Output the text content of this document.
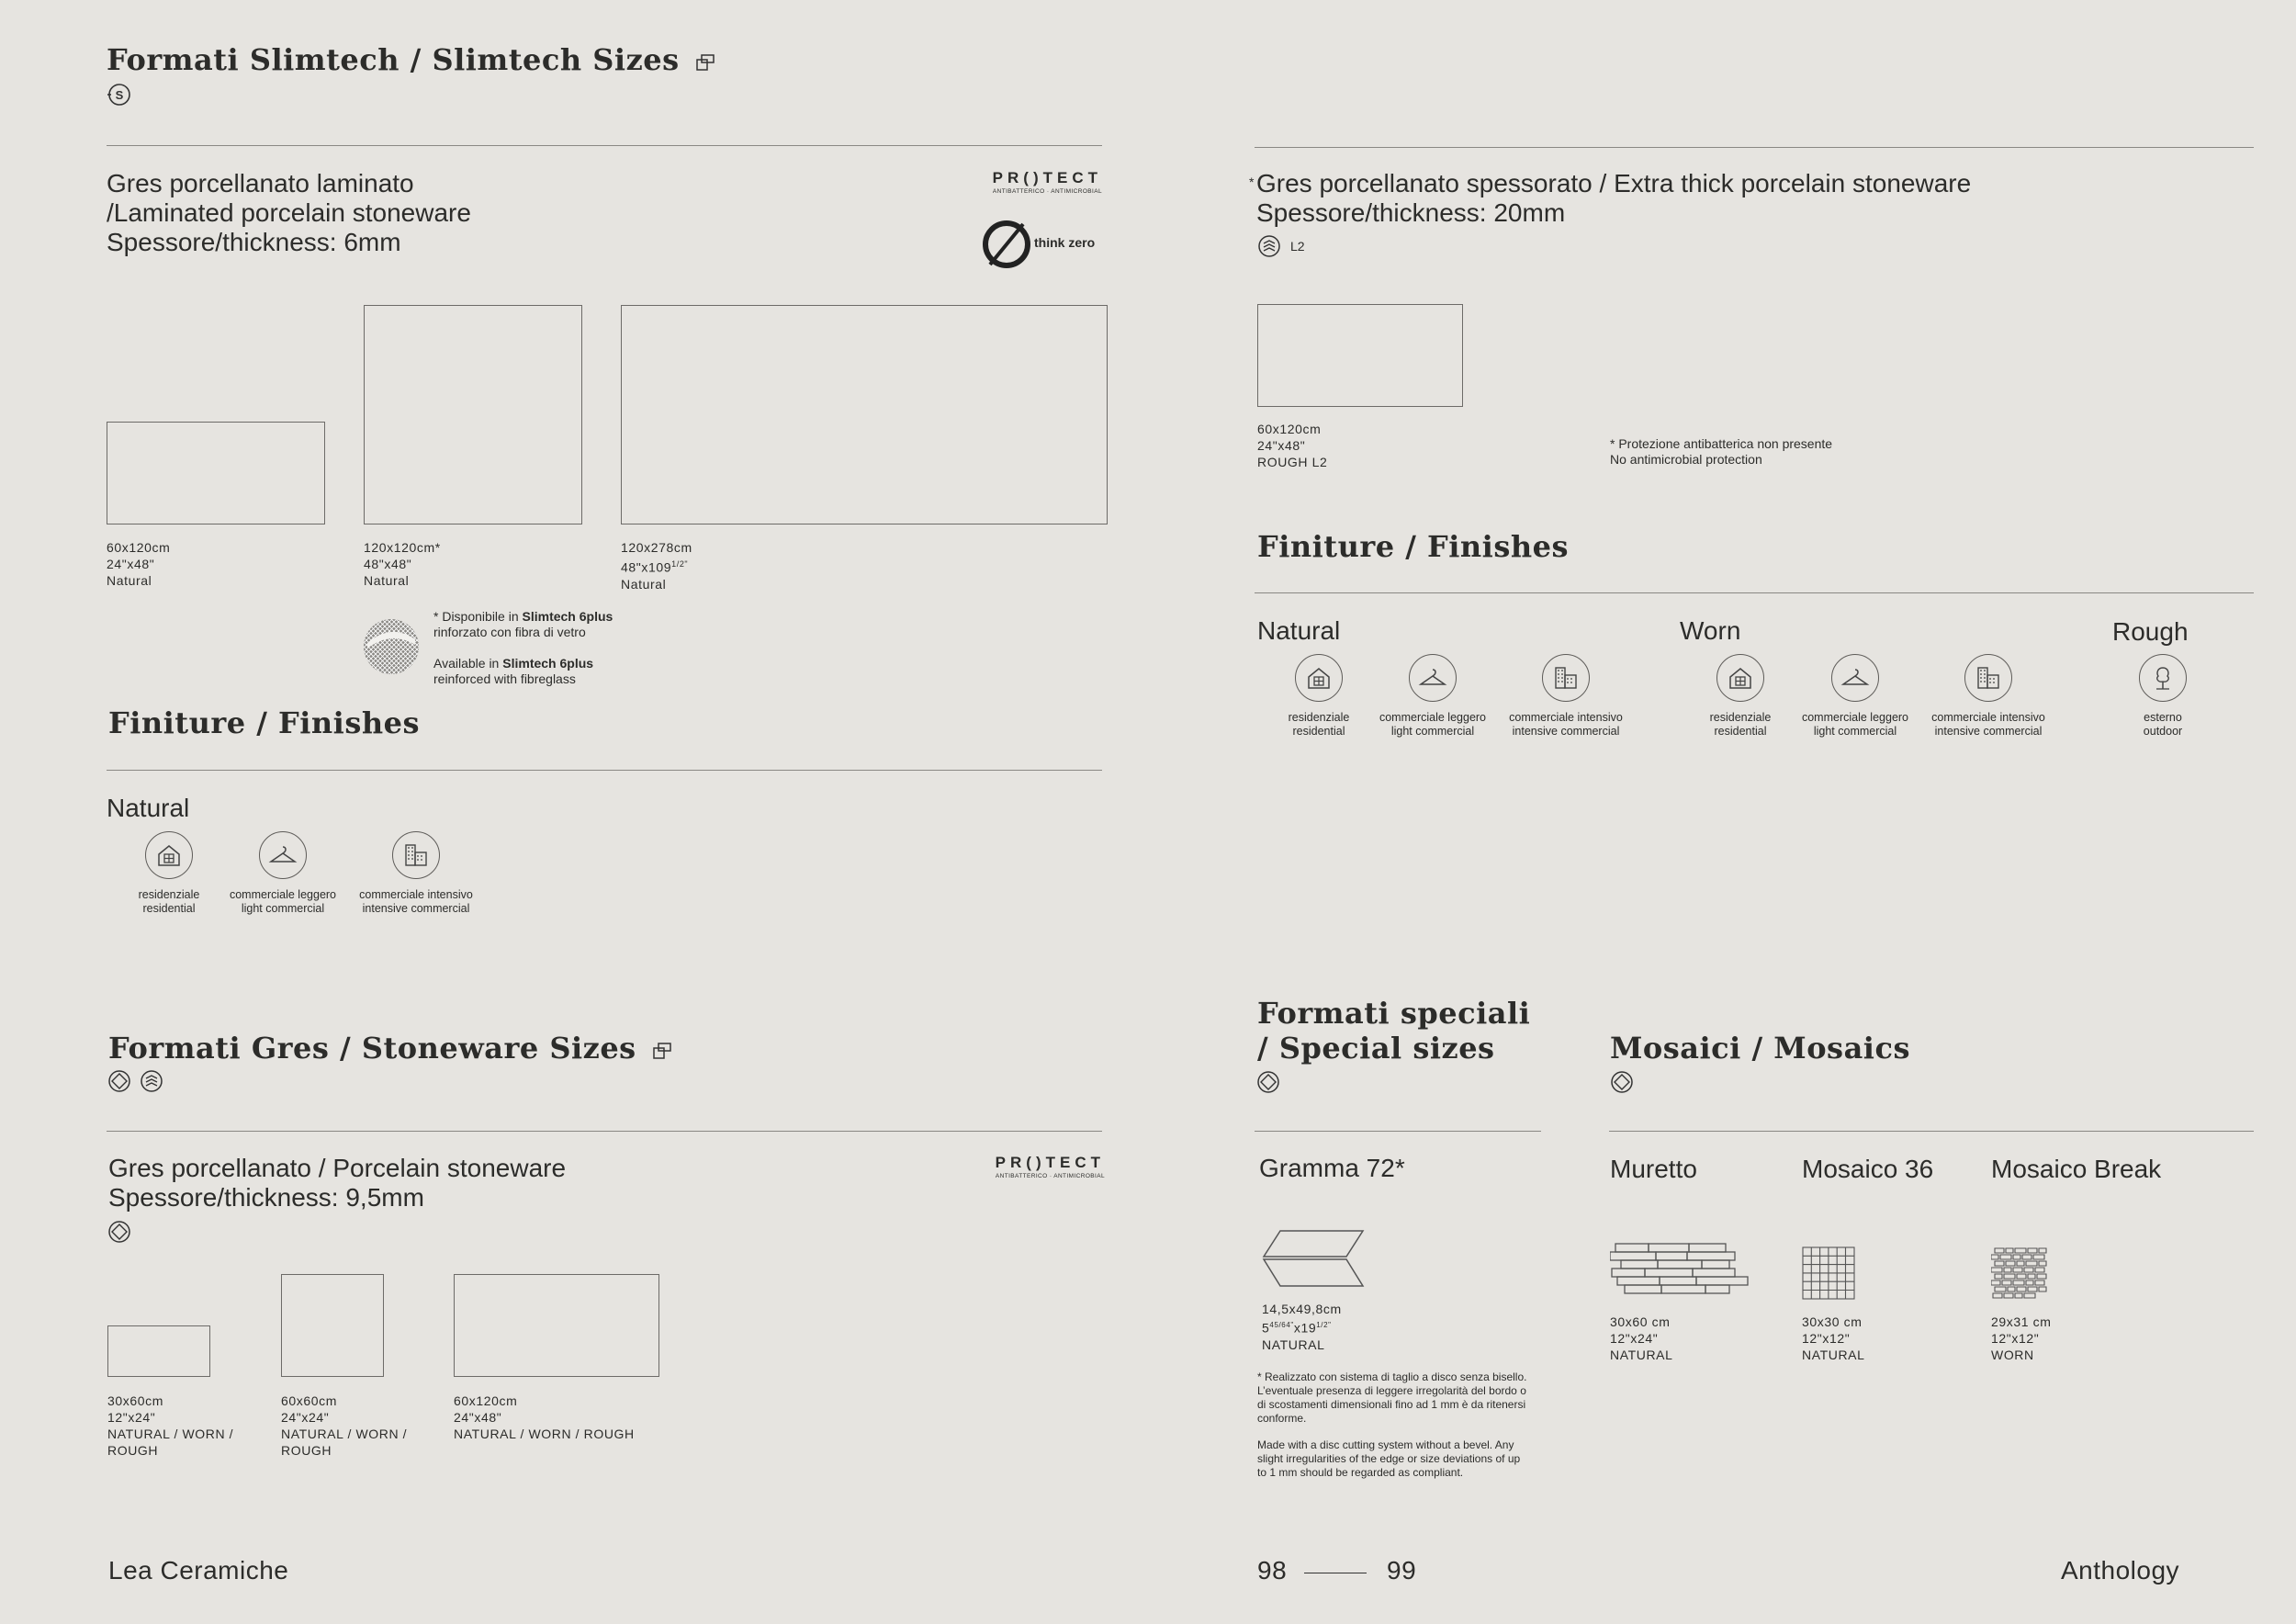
Formati Slimtech / Slimtech Sizes
S
Gres porcellanato laminato
/Laminated porcelain stoneware
Spessore/thickness: 6mm
PR()TECT
ANTIBATTERICO · ANTIMICROBIAL
think zero
60x120cm
24"x48"
Natural
120x120cm*
48"x48"
Natural
120x278cm
$48"x109^{1/2"}$
Natural
* Disponibile in Slimtech 6plus
rinforzato con fibra di vetro
Available in Slimtech 6plus
reinforced with fibreglass
Finiture / Finishes
Natural
residenziale
residential
commerciale leggero
light commercial
commerciale intensivo
intensive commercial
Formati Gres / Stoneware Sizes
Gres porcellanato / Porcelain stoneware
Spessore/thickness: 9,5mm
PR()TECT
ANTIBATTERICO · ANTIMICROBIAL
30x60cm
12"x24"
NATURAL / WORN /
ROUGH
60x60cm
24"x24"
NATURAL / WORN /
ROUGH
60x120cm
24"x48"
NATURAL / WORN / ROUGH
Lea Ceramiche
* Gres porcellanato spessorato / Extra thick porcelain stoneware
Spessore/thickness: 20mm
L2
60x120cm
24"x48"
ROUGH L2
* Protezione antibatterica non presente
No antimicrobial protection
Finiture / Finishes
Natural	Worn	Rough
residenziale
residential
commerciale leggero
light commercial
commerciale intensivo
intensive commercial
residenziale
residential
commerciale leggero
light commercial
commerciale intensivo
intensive commercial
esterno
outdoor
Formati speciali
/ Special sizes
Gramma 72*
14,5x49,8cm
$5^{45/64"}x19^{1/2"}$
NATURAL
* Realizzato con sistema di taglio a disco senza bisello.
L’eventuale presenza di leggere irregolarità del bordo o
di scostamenti dimensionali fino ad 1 mm è da ritenersi
conforme.
Made with a disc cutting system without a bevel. Any
slight irregularities of the edge or size deviations of up
to 1 mm should be regarded as compliant.
Mosaici / Mosaics
Muretto	Mosaico 36 Mosaico Break
30x60 cm
12"x24"
NATURAL
30x30 cm
12"x12"
NATURAL
29x31 cm
12"x12"
WORN
98	99	Anthology
